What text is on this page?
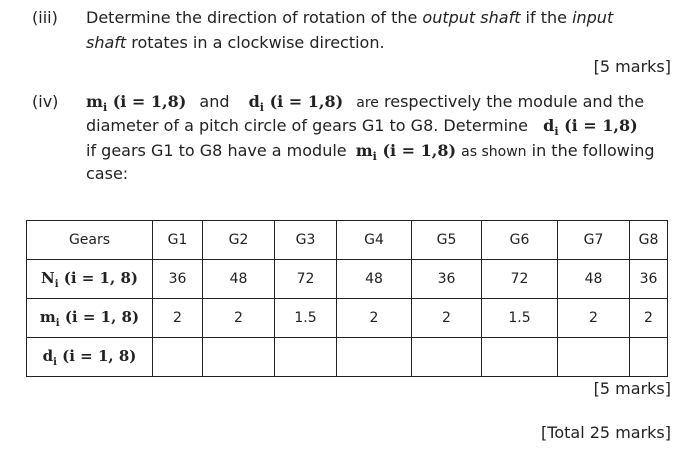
(iii) Determine the direction of rotation of the output shaft if the input
shaft rotates in a clockwise direction.
[5 marks]
(iv) $m_i$ (i = 1,8) and $d_i$ (i = 1,8) are respectively the module and the
diameter of a pitch circle of gears G1 to G8. Determine $d_i$ (i = 1,8)
if gears G1 to G8 have a module $m_i$ (i = 1,8) as shown in the following
case:
Gears	G1	G2	G3	G4	G5	G6	G7	G8
$N_i$ (i = 1, 8)	36	48	72	48	36	72	48	36
$m_i$ (i = 1, 8)	2	2	1.5	2	2	1.5	2	2
$d_i$ (i = 1, 8)								
[5 marks]
[Total 25 marks]
